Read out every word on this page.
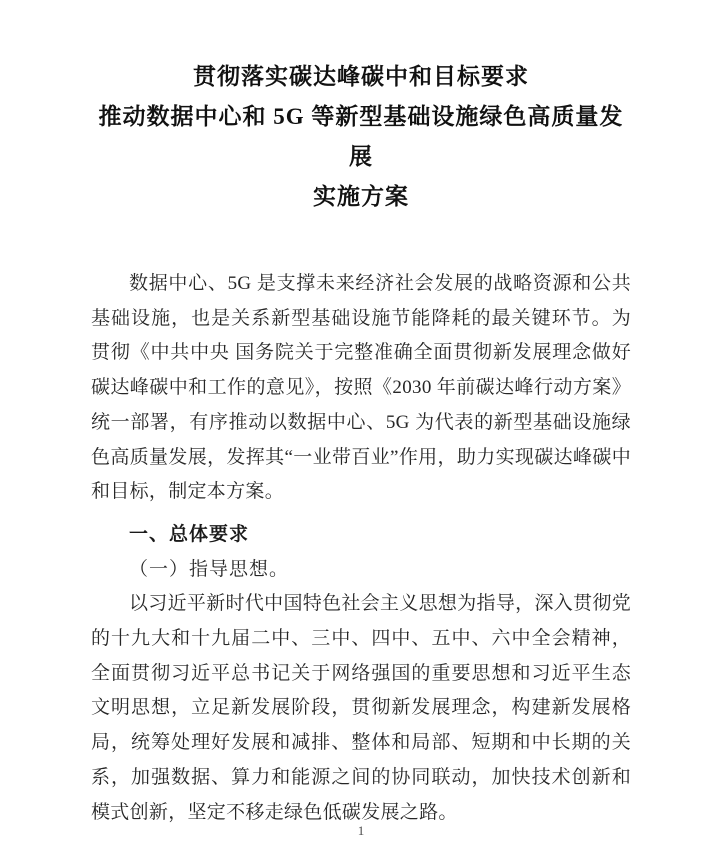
贯彻落实碳达峰碳中和目标要求
推动数据中心和 5G 等新型基础设施绿色高质量发展
实施方案

数据中心、5G 是支撑未来经济社会发展的战略资源和公共基础设施，也是关系新型基础设施节能降耗的最关键环节。为贯彻《中共中央 国务院关于完整准确全面贯彻新发展理念做好碳达峰碳中和工作的意见》，按照《2030 年前碳达峰行动方案》统一部署，有序推动以数据中心、5G 为代表的新型基础设施绿色高质量发展，发挥其“一业带百业”作用，助力实现碳达峰碳中和目标，制定本方案。

一、总体要求

（一）指导思想。

以习近平新时代中国特色社会主义思想为指导，深入贯彻党的十九大和十九届二中、三中、四中、五中、六中全会精神，全面贯彻习近平总书记关于网络强国的重要思想和习近平生态文明思想，立足新发展阶段，贯彻新发展理念，构建新发展格局，统筹处理好发展和减排、整体和局部、短期和中长期的关系，加强数据、算力和能源之间的协同联动，加快技术创新和模式创新，坚定不移走绿色低碳发展之路。

1
